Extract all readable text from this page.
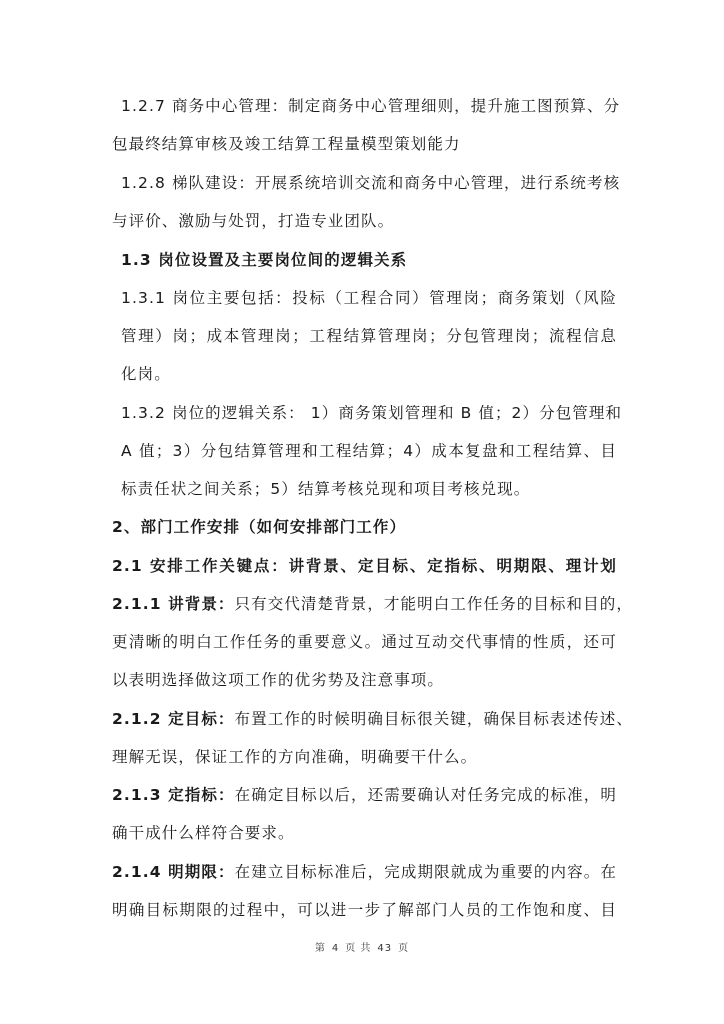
1.2.7 商务中心管理：制定商务中心管理细则，提升施工图预算、分
包最终结算审核及竣工结算工程量模型策划能力
1.2.8 梯队建设：开展系统培训交流和商务中心管理，进行系统考核
与评价、激励与处罚，打造专业团队。
1.3 岗位设置及主要岗位间的逻辑关系
1.3.1 岗位主要包括：投标（工程合同）管理岗；商务策划（风险
管理）岗；成本管理岗；工程结算管理岗；分包管理岗；流程信息
化岗。
1.3.2 岗位的逻辑关系： 1）商务策划管理和 B 值；2）分包管理和
A 值；3）分包结算管理和工程结算；4）成本复盘和工程结算、目
标责任状之间关系；5）结算考核兑现和项目考核兑现。
2、部门工作安排（如何安排部门工作）
2.1 安排工作关键点：讲背景、定目标、定指标、明期限、理计划
2.1.1 讲背景：只有交代清楚背景，才能明白工作任务的目标和目的，
更清晰的明白工作任务的重要意义。通过互动交代事情的性质，还可
以表明选择做这项工作的优劣势及注意事项。
2.1.2 定目标：布置工作的时候明确目标很关键，确保目标表述传述、
理解无误，保证工作的方向准确，明确要干什么。
2.1.3 定指标：在确定目标以后，还需要确认对任务完成的标准，明
确干成什么样符合要求。
2.1.4 明期限：在建立目标标准后，完成期限就成为重要的内容。在
明确目标期限的过程中，可以进一步了解部门人员的工作饱和度、目
第 4 页 共 43 页
